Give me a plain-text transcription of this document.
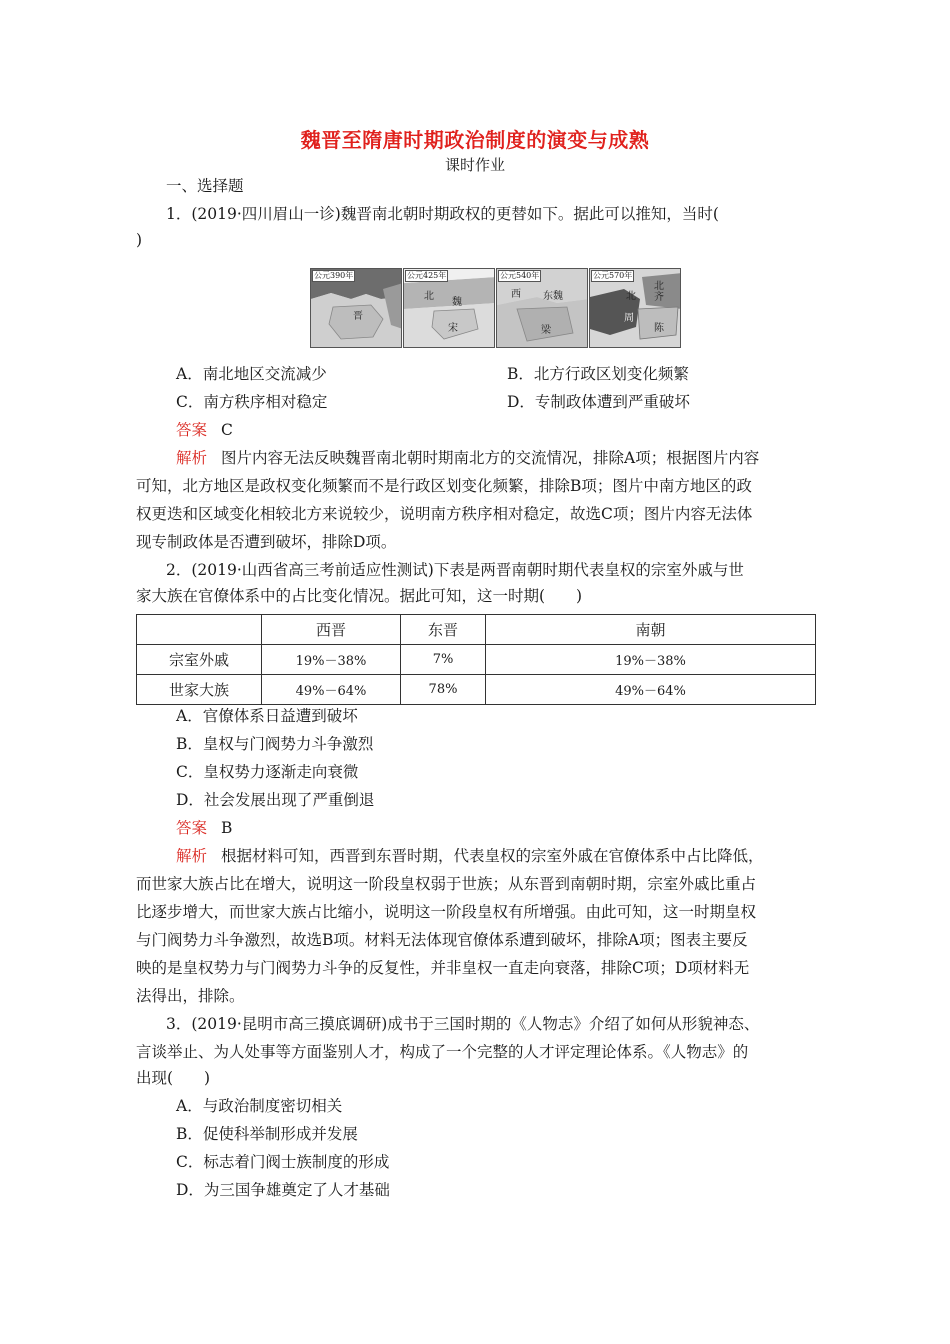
魏晋至隋唐时期政治制度的演变与成熟
课时作业
一、选择题
1．(2019·四川眉山一诊)魏晋南北朝时期政权的更替如下。据此可以推知，当时(
)
公元390年
晋
公元425年
北
魏
宋
公元540年
西 东魏
梁
公元570年
北
北齐
周
陈
A．南北地区交流减少	B．北方行政区划变化频繁
C．南方秩序相对稳定	D．专制政体遭到严重破坏
答案 C
解析 图片内容无法反映魏晋南北朝时期南北方的交流情况，排除A项；根据图片内容
可知，北方地区是政权变化频繁而不是行政区划变化频繁，排除B项；图片中南方地区的政
权更迭和区域变化相较北方来说较少，说明南方秩序相对稳定，故选C项；图片内容无法体
现专制政体是否遭到破坏，排除D项。
2．(2019·山西省高三考前适应性测试)下表是两晋南朝时期代表皇权的宗室外戚与世
家大族在官僚体系中的占比变化情况。据此可知，这一时期(　　)
	西晋	东晋	南朝
宗室外戚	19%－38%	7%	19%－38%
世家大族	49%－64%	78%	49%－64%
A．官僚体系日益遭到破坏
B．皇权与门阀势力斗争激烈
C．皇权势力逐渐走向衰微
D．社会发展出现了严重倒退
答案 B
解析 根据材料可知，西晋到东晋时期，代表皇权的宗室外戚在官僚体系中占比降低，
而世家大族占比在增大，说明这一阶段皇权弱于世族；从东晋到南朝时期，宗室外戚比重占
比逐步增大，而世家大族占比缩小，说明这一阶段皇权有所增强。由此可知，这一时期皇权
与门阀势力斗争激烈，故选B项。材料无法体现官僚体系遭到破坏，排除A项；图表主要反
映的是皇权势力与门阀势力斗争的反复性，并非皇权一直走向衰落，排除C项；D项材料无
法得出，排除。
3．(2019·昆明市高三摸底调研)成书于三国时期的《人物志》介绍了如何从形貌神态、
言谈举止、为人处事等方面鉴别人才，构成了一个完整的人才评定理论体系。《人物志》的
出现(　　)
A．与政治制度密切相关
B．促使科举制形成并发展
C．标志着门阀士族制度的形成
D．为三国争雄奠定了人才基础
